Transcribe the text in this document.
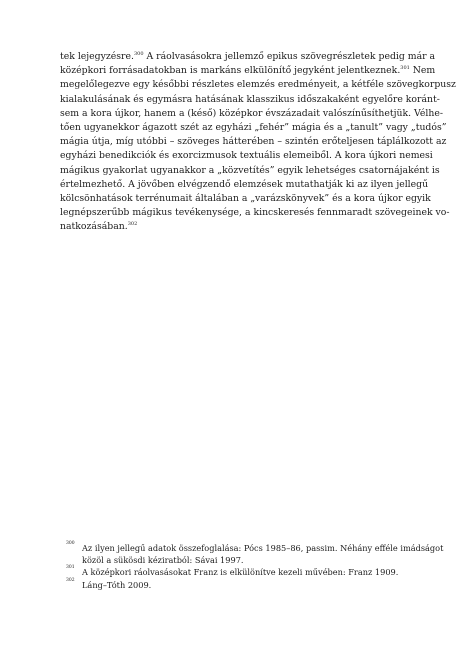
tek lejegyzésre.$^{300}$ A ráolvasásokra jellemző epikus szövegrészletek pedig már a
középkori forrásadatokban is markáns elkülönítő jegyként jelentkeznek.$^{301}$ Nem
megelőlegezve egy későbbi részletes elemzés eredményeit, a kétféle szövegkorpusz
kialakulásának és egymásra hatásának klasszikus időszakaként egyelőre koránt-
sem a kora újkor, hanem a (késő) középkor évszázadait valószínűsíthetjük. Vélhe-
tően ugyanekkor ágazott szét az egyházi „fehér” mágia és a „tanult” vagy „tudós”
mágia útja, míg utóbbi – szöveges hátterében – szintén erőteljesen táplálkozott az
egyházi benedikciók és exorcizmusok textuális elemeiből. A kora újkori nemesi
mágikus gyakorlat ugyanakkor a „közvetítés” egyik lehetséges csatornájaként is
értelmezhető. A jövőben elvégzendő elemzések mutathatják ki az ilyen jellegű
kölcsönhatások terrénumait általában a „varázskönyvek” és a kora újkor egyik
legnépszerűbb mágikus tevékenysége, a kincskeresés fennmaradt szövegeinek vo-
natkozásában.$^{302}$
300 Az ilyen jellegű adatok összefoglalása: Pócs 1985–86, passim. Néhány efféle imádságot
közöl a sükösdi kéziratból: Sávai 1997.
301 A középkori ráolvasásokat Franz is elkülönítve kezeli művében: Franz 1909.
302 Láng–Tóth 2009.
